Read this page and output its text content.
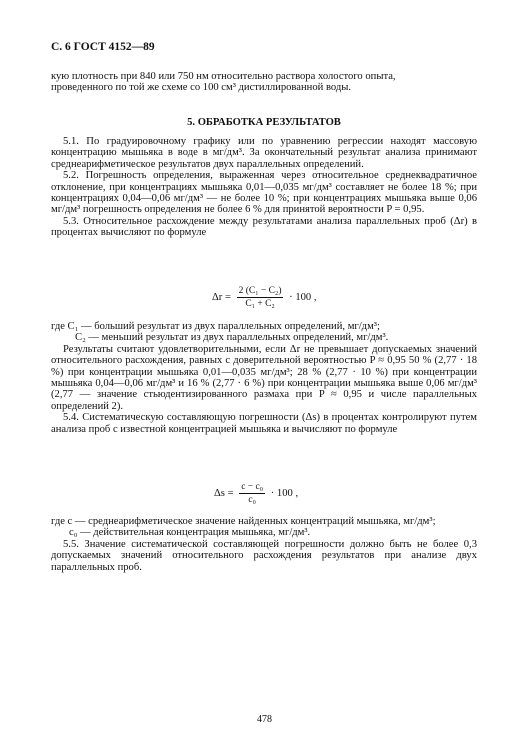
С. 6 ГОСТ 4152—89

кую плотность при 840 или 750 нм относительно раствора холостого опыта,

проведенного по той же схеме со 100 см³ дистиллированной воды.

5. ОБРАБОТКА РЕЗУЛЬТАТОВ

5.1. По градуировочному графику или по уравнению регрессии находят массовую концентрацию мышьяка в воде в мг/дм³. За окончательный результат анализа принимают среднеарифметическое результатов двух параллельных определений.

5.2. Погрешность определения, выраженная через относительное среднеквадратичное отклонение, при концентрациях мышьяка 0,01—0,035 мг/дм³ составляет не более 18 %; при концентрациях 0,04—0,06 мг/дм³ — не более 10 %; при концентрациях мышьяка выше 0,06 мг/дм³ погрешность определения не более 6 % для принятой вероятности P = 0,95.

5.3. Относительное расхождение между результатами анализа параллельных проб (Δr) в процентах вычисляют по формуле

$\Delta r = \frac{\text{2 (C₁ − C₂)}}{\text{C₁ + C₂}} \cdot 100$ ,

где C₁ — больший результат из двух параллельных определений, мг/дм³;

C₂ — меньший результат из двух параллельных определений, мг/дм³.

Результаты считают удовлетворительными, если Δr не превышает допускаемых значений относительного расхождения, равных с доверительной вероятностью P ≈ 0,95 50 % (2,77 · 18 %) при концентрации мышьяка 0,01—0,035 мг/дм³; 28 % (2,77 · 10 %) при концентрации мышьяка 0,04—0,06 мг/дм³ и 16 % (2,77 · 6 %) при концентрации мышьяка выше 0,06 мг/дм³ (2,77 — значение стьюдентизированного размаха при P ≈ 0,95 и числе параллельных определений 2).

5.4. Систематическую составляющую погрешности (Δs) в процентах контролируют путем анализа проб с известной концентрацией мышьяка и вычисляют по формуле

$\Delta s = \frac{\text{c − c₀}}{\text{c₀}} \cdot 100$ ,

где c — среднеарифметическое значение найденных концентраций мышьяка, мг/дм³;

c₀ — действительная концентрация мышьяка, мг/дм³.

5.5. Значение систематической составляющей погрешности должно быть не более 0,3 допускаемых значений относительного расхождения результатов при анализе двух параллельных проб.

478
